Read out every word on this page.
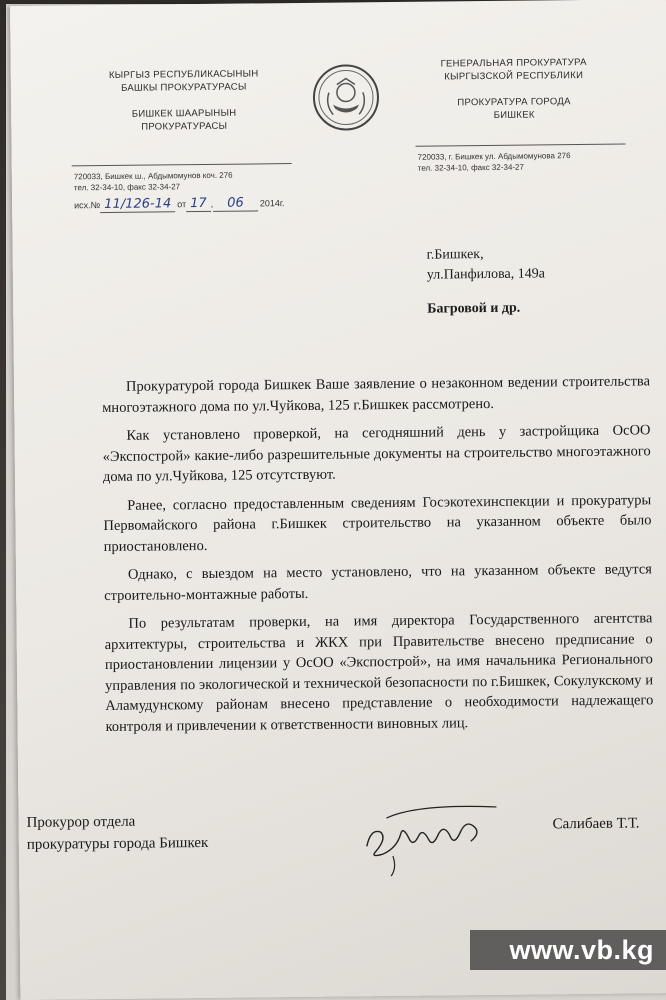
КЫРГЫЗ РЕСПУБЛИКАСЫНЫН
БАШКЫ ПРОКУРАТУРАСЫ
БИШКЕК ШААРЫНЫН
ПРОКУРАТУРАСЫ
ГЕНЕРАЛЬНАЯ ПРОКУРАТУРА
КЫРГЫЗСКОЙ РЕСПУБЛИКИ
ПРОКУРАТУРА ГОРОДА
БИШКЕК
720033, Бишкек ш., Абдымомунов коч. 276
тел. 32-34-10, факс 32-34-27
720033, г. Бишкек ул. Абдымомунова 276
тел. 32-34-10, факс 32-34-27
исх.№ 11/126-14 от 17 , 06 2014г.
г.Бишкек,
ул.Панфилова, 149а
Багровой и др.

Прокуратурой города Бишкек Ваше заявление о незаконном ведении строительства многоэтажного дома по ул.Чуйкова, 125 г.Бишкек рассмотрено.

Как установлено проверкой, на сегодняшний день у застройщика ОсОО «Экспострой» какие-либо разрешительные документы на строительство многоэтажного дома по ул.Чуйкова, 125 отсутствуют.

Ранее, согласно предоставленным сведениям Госэкотехинспекции и прокуратуры Первомайского района г.Бишкек строительство на указанном объекте было приостановлено.

Однако, с выездом на место установлено, что на указанном объекте ведутся строительно-монтажные работы.

По результатам проверки, на имя директора Государственного агентства архитектуры, строительства и ЖКХ при Правительстве внесено предписание о приостановлении лицензии у ОсОО «Экспострой», на имя начальника Регионального управления по экологической и технической безопасности по г.Бишкек, Сокулукскому и Аламудунскому районам внесено представление о необходимости надлежащего контроля и привлечении к ответственности виновных лиц.

Прокурор отдела
прокуратуры города Бишкек
Салибаев Т.Т.
www.vb.kg
